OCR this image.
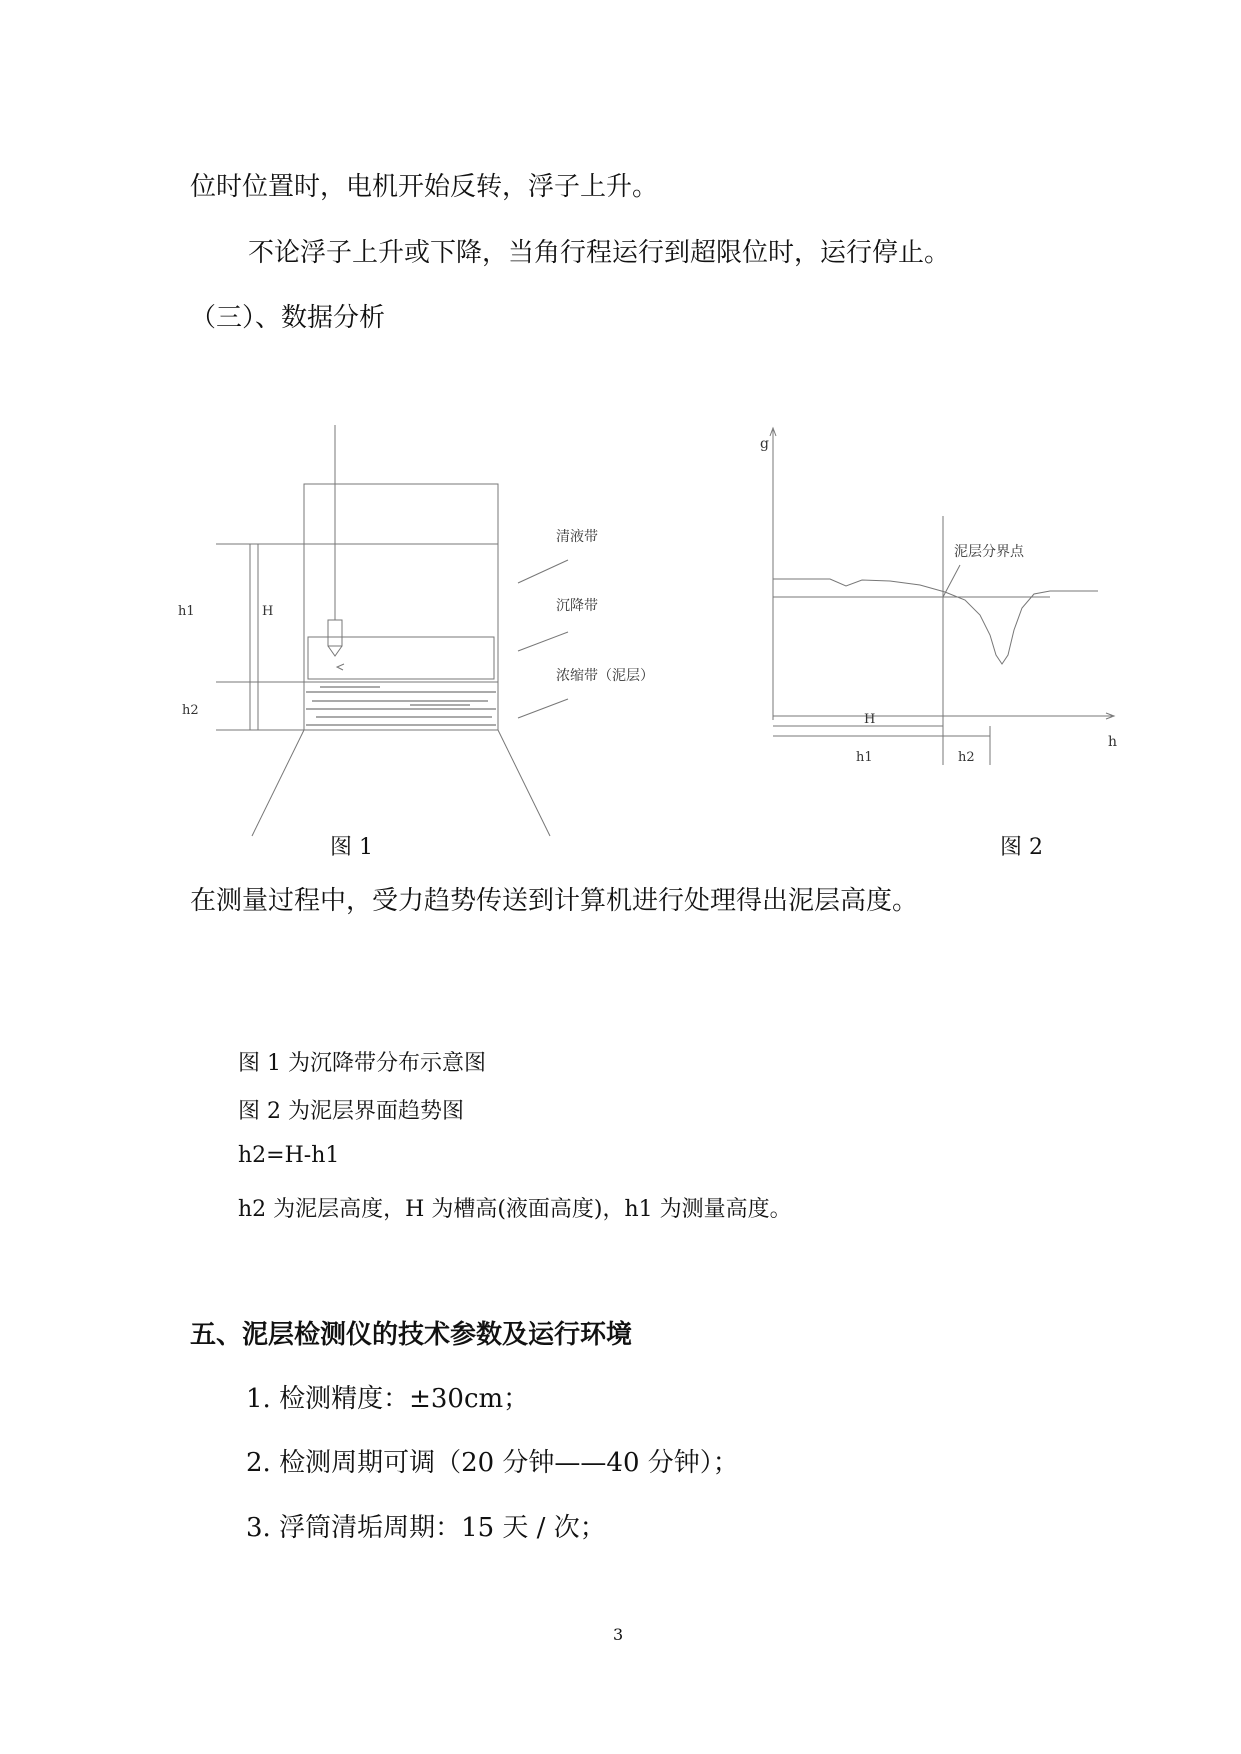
位时位置时，电机开始反转，浮子上升。
不论浮子上升或下降，当角行程运行到超限位时，运行停止。
（三）、数据分析
清液带
沉降带
浓缩带（泥层）
h1	H
h2
图 1
g
h
泥层分界点
H
h1	h2
图 2
在测量过程中，受力趋势传送到计算机进行处理得出泥层高度。
图 1 为沉降带分布示意图
图 2 为泥层界面趋势图
h2=H-h1
h2 为泥层高度，H 为槽高(液面高度)，h1 为测量高度。
五、泥层检测仪的技术参数及运行环境
1. 检测精度：±30cm；
2. 检测周期可调（20 分钟——40 分钟）；
3. 浮筒清垢周期：15 天 / 次；
3
